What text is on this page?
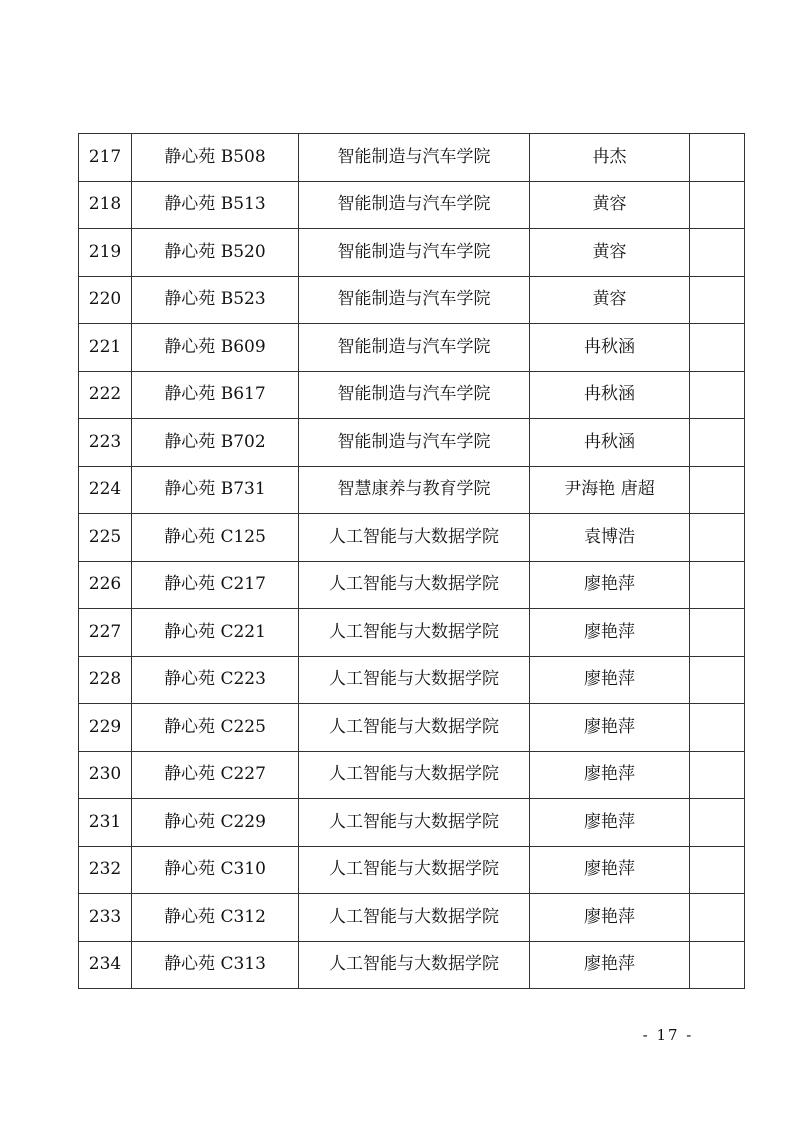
217	静心苑 B508	智能制造与汽车学院	冉杰	
218	静心苑 B513	智能制造与汽车学院	黄容	
219	静心苑 B520	智能制造与汽车学院	黄容	
220	静心苑 B523	智能制造与汽车学院	黄容	
221	静心苑 B609	智能制造与汽车学院	冉秋涵	
222	静心苑 B617	智能制造与汽车学院	冉秋涵	
223	静心苑 B702	智能制造与汽车学院	冉秋涵	
224	静心苑 B731	智慧康养与教育学院	尹海艳 唐超	
225	静心苑 C125	人工智能与大数据学院	袁博浩	
226	静心苑 C217	人工智能与大数据学院	廖艳萍	
227	静心苑 C221	人工智能与大数据学院	廖艳萍	
228	静心苑 C223	人工智能与大数据学院	廖艳萍	
229	静心苑 C225	人工智能与大数据学院	廖艳萍	
230	静心苑 C227	人工智能与大数据学院	廖艳萍	
231	静心苑 C229	人工智能与大数据学院	廖艳萍	
232	静心苑 C310	人工智能与大数据学院	廖艳萍	
233	静心苑 C312	人工智能与大数据学院	廖艳萍	
234	静心苑 C313	人工智能与大数据学院	廖艳萍	
- 17 -
